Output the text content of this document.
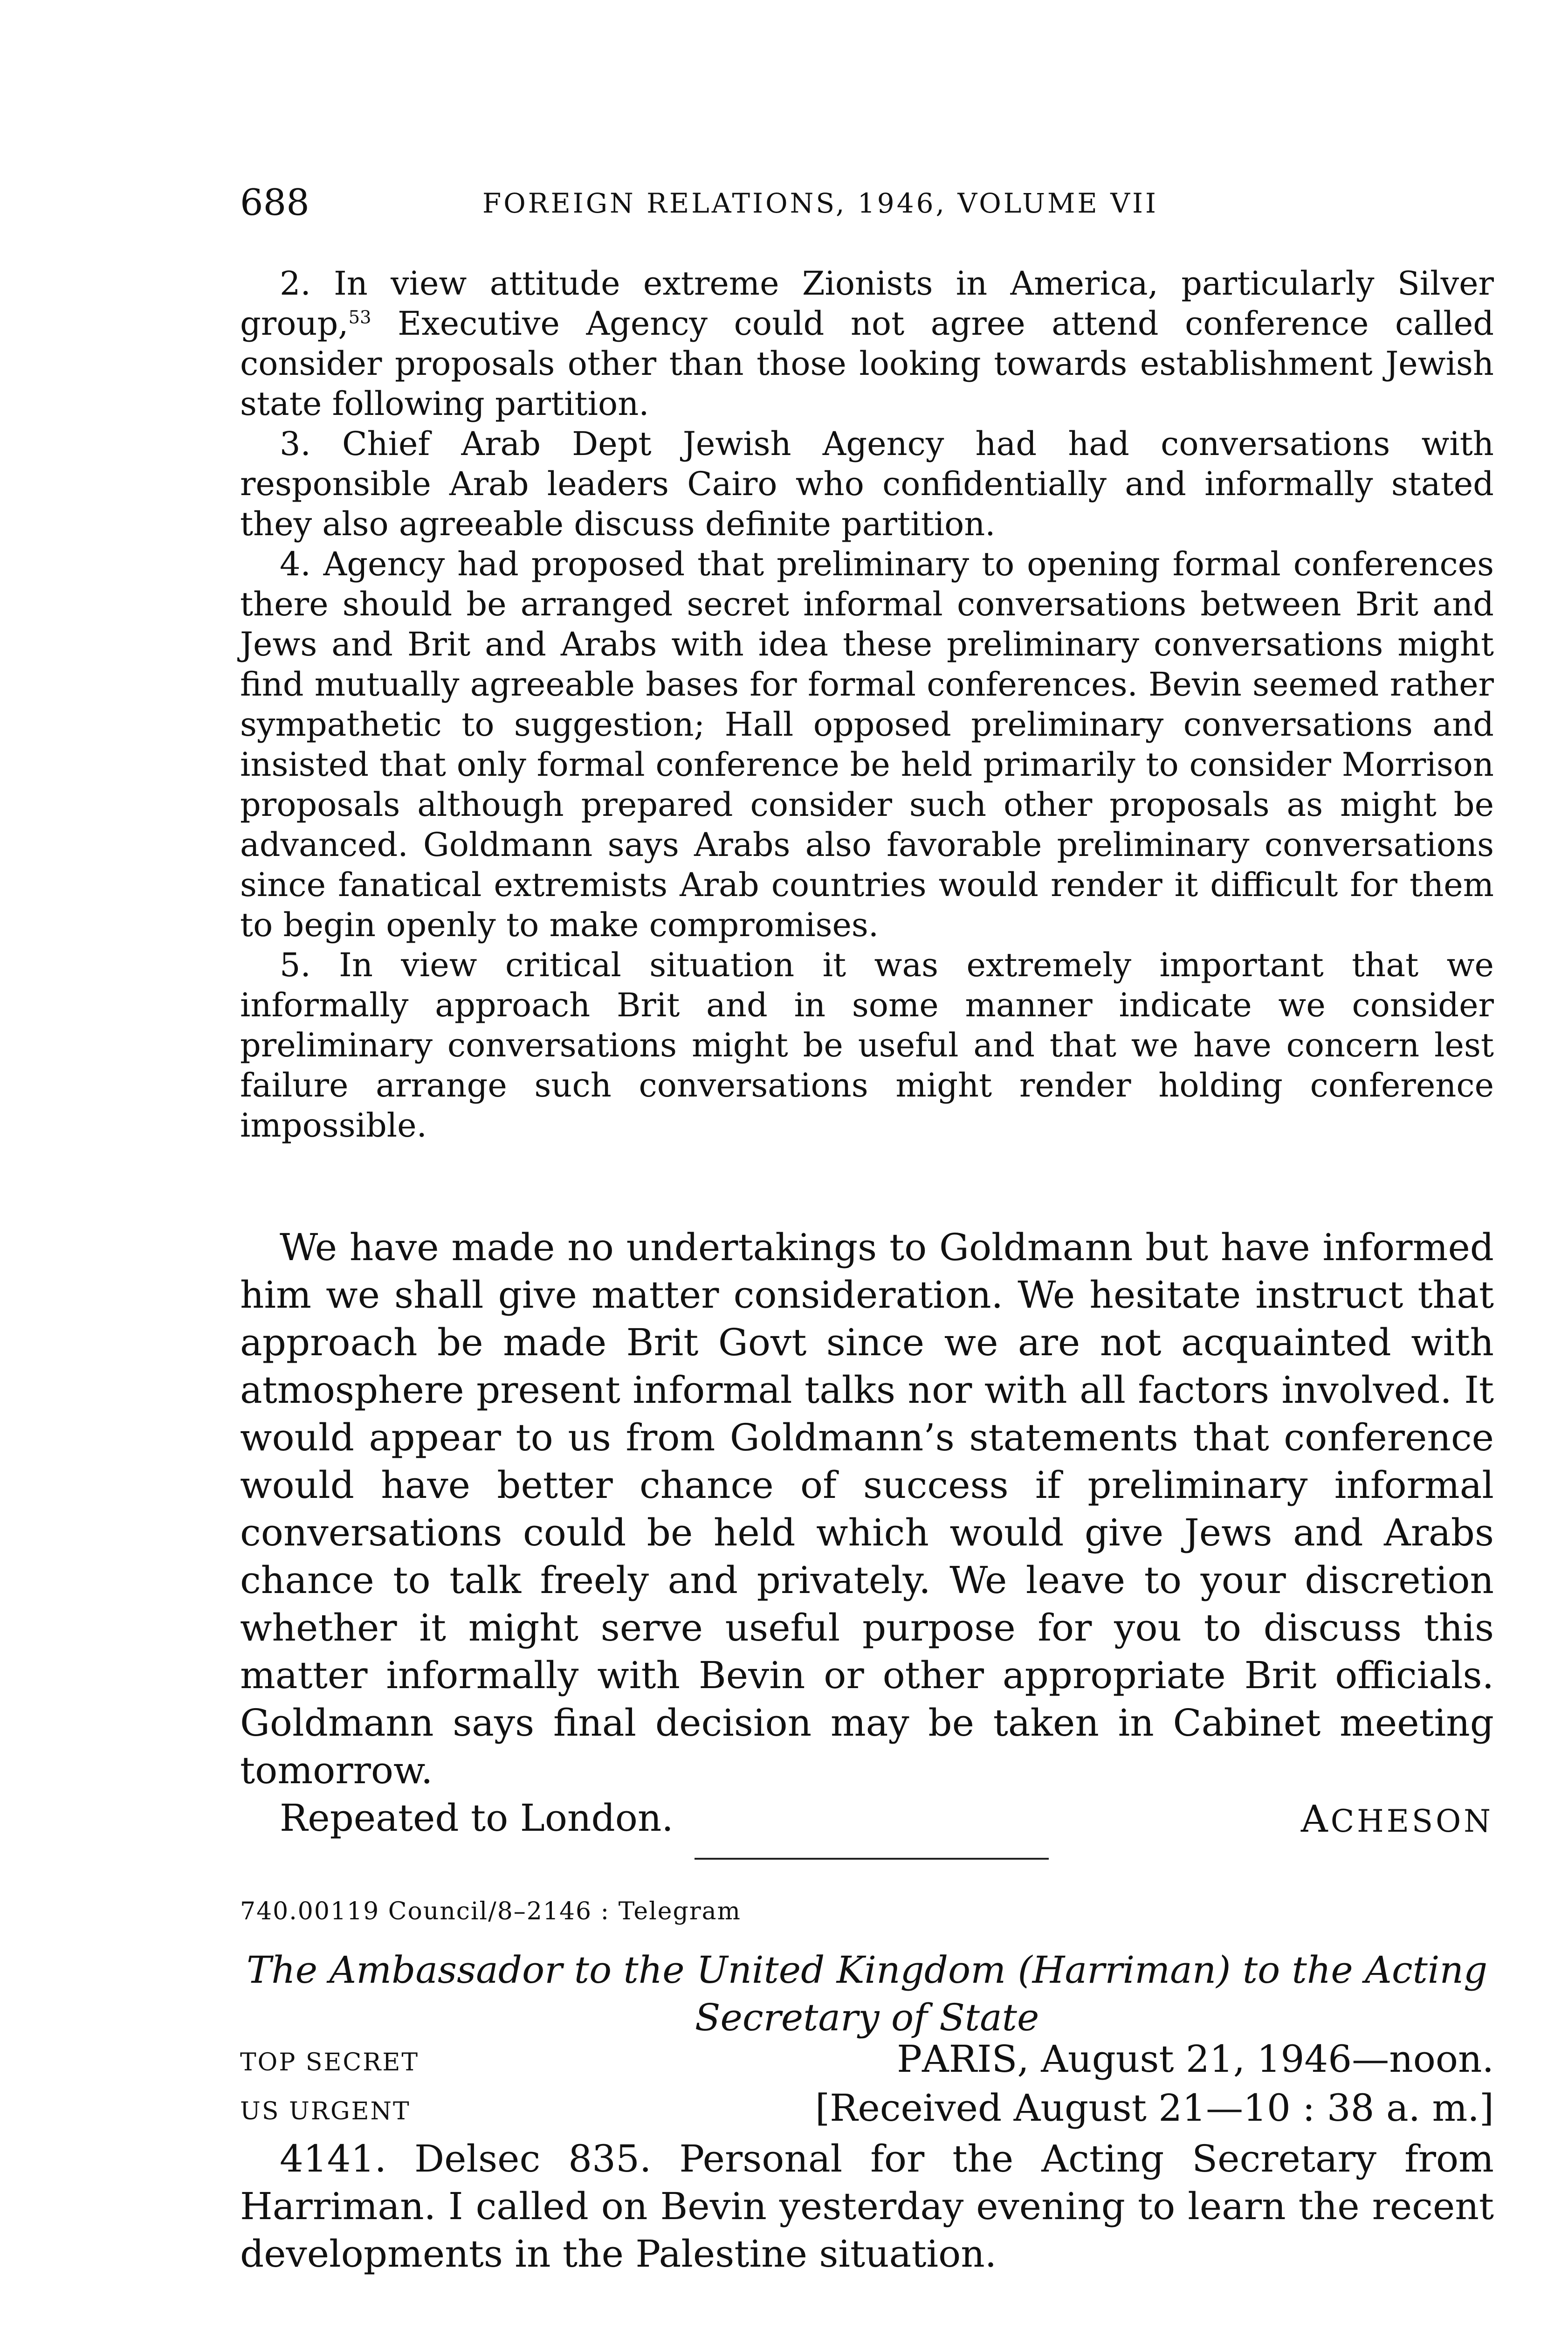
688	FOREIGN RELATIONS, 1946, VOLUME VII

2. In view attitude extreme Zionists in America, particularly Silver group,$^{53}$ Executive Agency could not agree attend conference called consider proposals other than those looking towards establishment Jewish state following partition.

3. Chief Arab Dept Jewish Agency had had conversations with responsible Arab leaders Cairo who confidentially and informally stated they also agreeable discuss definite partition.

4. Agency had proposed that preliminary to opening formal conferences there should be arranged secret informal conversations between Brit and Jews and Brit and Arabs with idea these preliminary conversations might find mutually agreeable bases for formal conferences. Bevin seemed rather sympathetic to suggestion; Hall opposed preliminary conversations and insisted that only formal conference be held primarily to consider Morrison proposals although prepared consider such other proposals as might be advanced. Goldmann says Arabs also favorable preliminary conversations since fanatical extremists Arab countries would render it difficult for them to begin openly to make compromises.

5. In view critical situation it was extremely important that we informally approach Brit and in some manner indicate we consider preliminary conversations might be useful and that we have concern lest failure arrange such conversations might render holding conference impossible.

We have made no undertakings to Goldmann but have informed him we shall give matter consideration. We hesitate instruct that approach be made Brit Govt since we are not acquainted with atmosphere present informal talks nor with all factors involved. It would appear to us from Goldmann’s statements that conference would have better chance of success if preliminary informal conversations could be held which would give Jews and Arabs chance to talk freely and privately. We leave to your discretion whether it might serve useful purpose for you to discuss this matter informally with Bevin or other appropriate Brit officials. Goldmann says final decision may be taken in Cabinet meeting tomorrow.

Repeated to London.	ACHESON
740.00119 Council/8–2146 : Telegram
The Ambassador to the United Kingdom (Harriman) to the Acting
Secretary of State
TOP SECRET	PARIS, August 21, 1946—noon.
US URGENT	[Received August 21—10 : 38 a. m.]

4141. Delsec 835. Personal for the Acting Secretary from Harriman. I called on Bevin yesterday evening to learn the recent developments in the Palestine situation.
